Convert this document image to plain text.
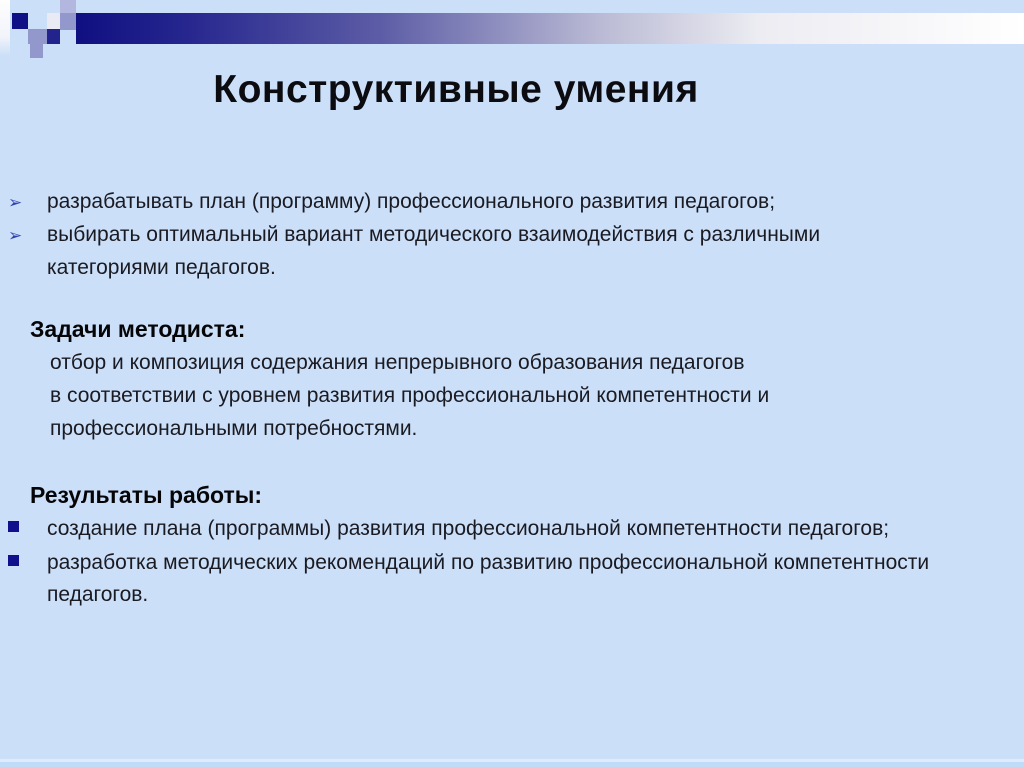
Конструктивные умения
➢ разрабатывать план (программу) профессионального развития педагогов;
➢ выбирать оптимальный вариант методического взаимодействия с различными
категориями педагогов.
Задачи методиста:
отбор и композиция содержания непрерывного образования педагогов
в соответствии с уровнем развития профессиональной компетентности и
профессиональными потребностями.
Результаты работы:
создание плана (программы) развития профессиональной компетентности педагогов;
разработка методических рекомендаций по развитию профессиональной компетентности
педагогов.
